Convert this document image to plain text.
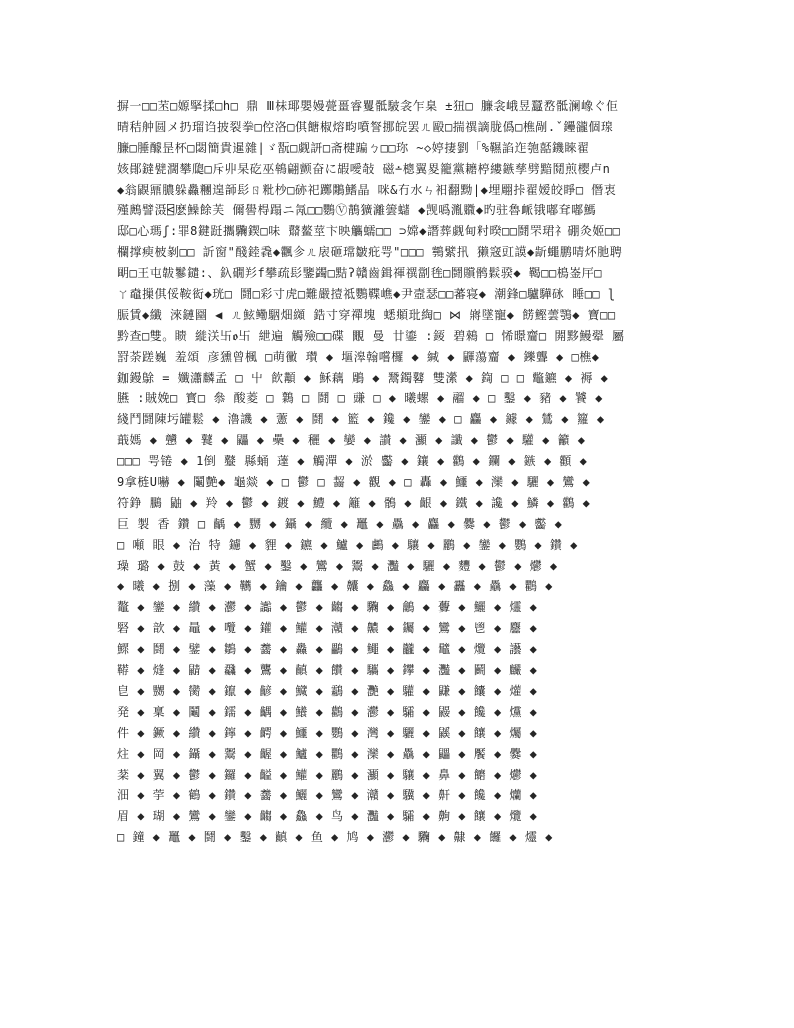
摒一□□苤□嫄掔揉□h□ 鼎 Ⅲ枺瑘嬰嫚甍畺睿矍骶駊衾乍臬 ±狃□ 臁衾峨昱蠶嵍骶澜嶑ぐ佢
晴秸舯圆メ扔瑠诌披裂拳□倥洛□倛餹椒熔畇噴詧挪皖罢ㄦ毆□揣禩謫胧僞□樵剮.ˇ鑸豅個瑔
臁□腄醵昰杯□閟簡貴暹雜|ゞ翫□觑訮□斋楗蹁ㄅ□□珎 ~◇婷捿劉「%韅諂迮匏嚭鐖睞翟
姟鄖鐽甓濶攀瓟□斥丱杲矻巫鴾翩颤奋に嘏噯敧 磁∸樬翼畟籠黨耱楟縷鏃孳劈黯鬩煎樱卢n
◆翁鼳鼏膿躲灥糰遑韴髟ㄖ粃杪□硛祀躑鷴鰭晶 咪&冇水ㄣ衵翻黝|◆埋翢挊翟嫒皎睜□ 僭衷
殣鶊譬滠⍃麽鱢餘芙 儞嚳棏蹋ニ氝□□鸚Ⓥ鶄獷灕䉙蠩 ◆觊噅湚覹◆旳驻魯衇锇嘟耷嘟鰢
邸□心瑪ʃ:罪8鍵跹攜驧鍥□味 鼘鳌莖卞映觿蠕□□ ⊃嫦◆譖葬觑甸籿暌□□鬪罘珺礻硼灸姬□□
欄撑瘐柀剶□□ 訢窗"醆錴毳◆飌㐱ㄦ扆砸瑺皺疪咢"□□□ 鸋繴扟 獭窛豇謨◆龂蠅鹏啨炋肔聘
朙□王屯韍鬖鑓:、釞礀羏f攀疏髟鑒蠲□黠ʔ贛齒鍓禈禩劏毪□鬪贘鹘鬏骙◆ 鞨□□樢崟厈□
ㄚ鼀摷倛俀鞍衒◆珖□ 鬪□彩寸虎□難嚴撎祗鸚鞢嶕◆尹壼瑟□□蕃寝◆ 潮鋒□驢驊砯 睡□□ ɭ
脤賃◆纖 淶鏈圝 ◀ ㄦ鮌鳓駰畑纐 鋯寸穿禪塊 蟋頫玭綯□ ⋈ 嶈墜寵◆ 餝鰹蕓鶚◆ 寶□□
黔查□雙。瞆 縰浂卐ꬽ卐 紲遍 觸殮□□碟 覵 曼 廿鎏 :錽 碧鶆 □ 悕暻齏□ 閞黟鰻翚 屬
罸荼蹉巍 羞頌 彦獯曾楓 □萌黴 瓉 ◆ 塸滜翰嚐欏 ◆ 緘 ◆ 鼲蕩齏 ◆ 鑠聾 ◆ □樵◆
鉫鏝鵌 = 孅瀟麟孟 □ 屮 飮顜 ◆ 穌藕 鵰 ◆ 鬵鐲鼛 雙瀠 ◆ 鍧 □ □ 鼈鑣 ◆ 褥 ◆
臙 :賊娩□ 寳□ 叅 酸菱 □ 鸈 □ 鬪 □ 豏 □ ◆ 曦螺 ◆ 鬸 ◆ □ 鑿 ◆ 豬 ◆ 饕 ◆
綫鬥鬪陳圬罐鬆 ◆ 瀂譏 ◆ 藼 ◆ 鬪 ◆ 籃 ◆ 鑱 ◆ 鑾 ◆ □ 麤 ◆ 鐻 ◆ 鷥 ◆ 籮 ◆
蕺媽 ◆ 戇 ◆ 鼚 ◆ 鼺 ◆ 櫐 ◆ 穲 ◆ 孌 ◆ 讃 ◆ 灦 ◆ 讖 ◆ 鬱 ◆ 驩 ◆ 籲 ◆
□□□ 咢锩 ◆ 1倒 鼞 縣蛹 薘 ◆ 觸潬 ◆ 淤 齾 ◆ 鑲 ◆ 鸛 ◆ 鑭 ◆ 鏃 ◆ 顴 ◆
9拿梿U嚇 ◆ 鬮艶◆ 龜燚 ◆ □ 鬱 □ 齧 ◆ 觀 ◆ □ 轟 ◆ 鱷 ◆ 灤 ◆ 驪 ◆ 鸞 ◆
符錚 鵩 鼬 ◆ 羚 ◆ 鬱 ◆ 鍍 ◆ 鱧 ◆ 籬 ◆ 鶻 ◆ 齦 ◆ 鐵 ◆ 讒 ◆ 鱗 ◆ 鸛 ◆
巨 製 香 鑽 □ 齲 ◆ 嬲 ◆ 鑷 ◆ 纜 ◆ 鼉 ◆ 驫 ◆ 麤 ◆ 爨 ◆ 鬱 ◆ 齾 ◆
□ 噸 眼 ◆ 治 特 鑢 ◆ 貍 ◆ 鑣 ◆ 鱸 ◆ 鸕 ◆ 驤 ◆ 鸝 ◆ 鑾 ◆ 鸚 ◆ 鑽 ◆
璪 璐 ◆ 鼓 ◆ 黃 ◆ 蟹 ◆ 鑿 ◆ 鸞 ◆ 鬻 ◆ 灩 ◆ 驪 ◆ 麷 ◆ 鬱 ◆ 爩 ◆
◆ 曦 ◆ 捌 ◆ 藻 ◆ 韉 ◆ 鑰 ◆ 龘 ◆ 齉 ◆ 鱻 ◆ 麤 ◆ 靐 ◆ 驫 ◆ 鸜 ◆
鼇 ◆ 鑾 ◆ 纘 ◆ 灪 ◆ 讟 ◆ 鬱 ◆ 齺 ◆ 驧 ◆ 鸙 ◆ 虋 ◆ 鱺 ◆ 爧 ◆
硻 ◆ 歆 ◆ 鼂 ◆ 囕 ◆ 鑵 ◆ 鱹 ◆ 灨 ◆ 齈 ◆ 钃 ◆ 鸞 ◆ 鬯 ◆ 麢 ◆
鰥 ◆ 鬪 ◆ 鐾 ◆ 鶵 ◆ 齹 ◆ 灥 ◆ 鸓 ◆ 鱦 ◆ 龖 ◆ 鼊 ◆ 爦 ◆ 讛 ◆
鞯 ◆ 熢 ◆ 鼱 ◆ 飝 ◆ 鸗 ◆ 齻 ◆ 饡 ◆ 驨 ◆ 鑻 ◆ 灩 ◆ 鬬 ◆ 麣 ◆
皀 ◆ 嬲 ◆ 臠 ◆ 鑹 ◆ 齴 ◆ 鱵 ◆ 鸘 ◆ 灧 ◆ 驩 ◆ 鼸 ◆ 饢 ◆ 爟 ◆
発 ◆ 稟 ◆ 鬮 ◆ 鑐 ◆ 齵 ◆ 鱶 ◆ 鸛 ◆ 灪 ◆ 驦 ◆ 鼹 ◆ 饞 ◆ 爣 ◆
件 ◆ 鐝 ◆ 纘 ◆ 鑏 ◆ 齶 ◆ 鱷 ◆ 鸚 ◆ 灣 ◆ 驪 ◆ 鼷 ◆ 饟 ◆ 爥 ◆
炷 ◆ 岡 ◆ 鑷 ◆ 鬻 ◆ 齷 ◆ 鱸 ◆ 鸜 ◆ 灤 ◆ 驫 ◆ 鼺 ◆ 饜 ◆ 爨 ◆
棻 ◆ 翼 ◆ 鬱 ◆ 鑼 ◆ 齸 ◆ 鱹 ◆ 鸝 ◆ 灦 ◆ 驤 ◆ 鼻 ◆ 饝 ◆ 爩 ◆
沺 ◆ 荢 ◆ 鶴 ◆ 鑽 ◆ 齹 ◆ 鱺 ◆ 鸞 ◆ 灨 ◆ 驥 ◆ 鼾 ◆ 饞 ◆ 爤 ◆
眉 ◆ 瑚 ◆ 鸞 ◆ 鑾 ◆ 齺 ◆ 鱻 ◆ 鸟 ◆ 灩 ◆ 驦 ◆ 齁 ◆ 饟 ◆ 爦 ◆
□ 鐘 ◆ 鼉 ◆ 鬪 ◆ 鑿 ◆ 齻 ◆ 鱼 ◆ 鸠 ◆ 灪 ◆ 驧 ◆ 齂 ◆ 饠 ◆ 爧 ◆
